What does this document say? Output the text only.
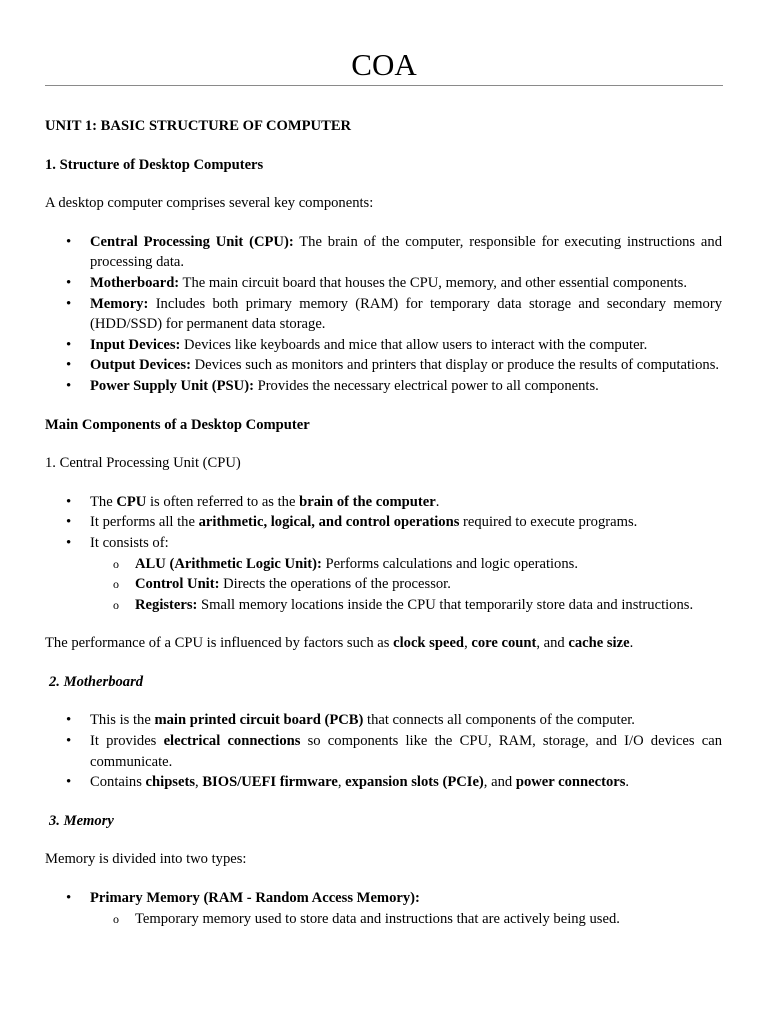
COA

UNIT 1: BASIC STRUCTURE OF COMPUTER

1. Structure of Desktop Computers

A desktop computer comprises several key components:

• Central Processing Unit (CPU): The brain of the computer, responsible for executing instructions and processing data.
• Motherboard: The main circuit board that houses the CPU, memory, and other essential components.
• Memory: Includes both primary memory (RAM) for temporary data storage and secondary memory (HDD/SSD) for permanent data storage.
• Input Devices: Devices like keyboards and mice that allow users to interact with the computer.
• Output Devices: Devices such as monitors and printers that display or produce the results of computations.
• Power Supply Unit (PSU): Provides the necessary electrical power to all components.

Main Components of a Desktop Computer

1. Central Processing Unit (CPU)

• The CPU is often referred to as the brain of the computer.
• It performs all the arithmetic, logical, and control operations required to execute programs.
• It consists of:
o ALU (Arithmetic Logic Unit): Performs calculations and logic operations.
o Control Unit: Directs the operations of the processor.
o Registers: Small memory locations inside the CPU that temporarily store data and instructions.

The performance of a CPU is influenced by factors such as clock speed, core count, and cache size.

2. Motherboard

• This is the main printed circuit board (PCB) that connects all components of the computer.
• It provides electrical connections so components like the CPU, RAM, storage, and I/O devices can communicate.
• Contains chipsets, BIOS/UEFI firmware, expansion slots (PCIe), and power connectors.

3. Memory

Memory is divided into two types:

• Primary Memory (RAM - Random Access Memory):
o Temporary memory used to store data and instructions that are actively being used.
